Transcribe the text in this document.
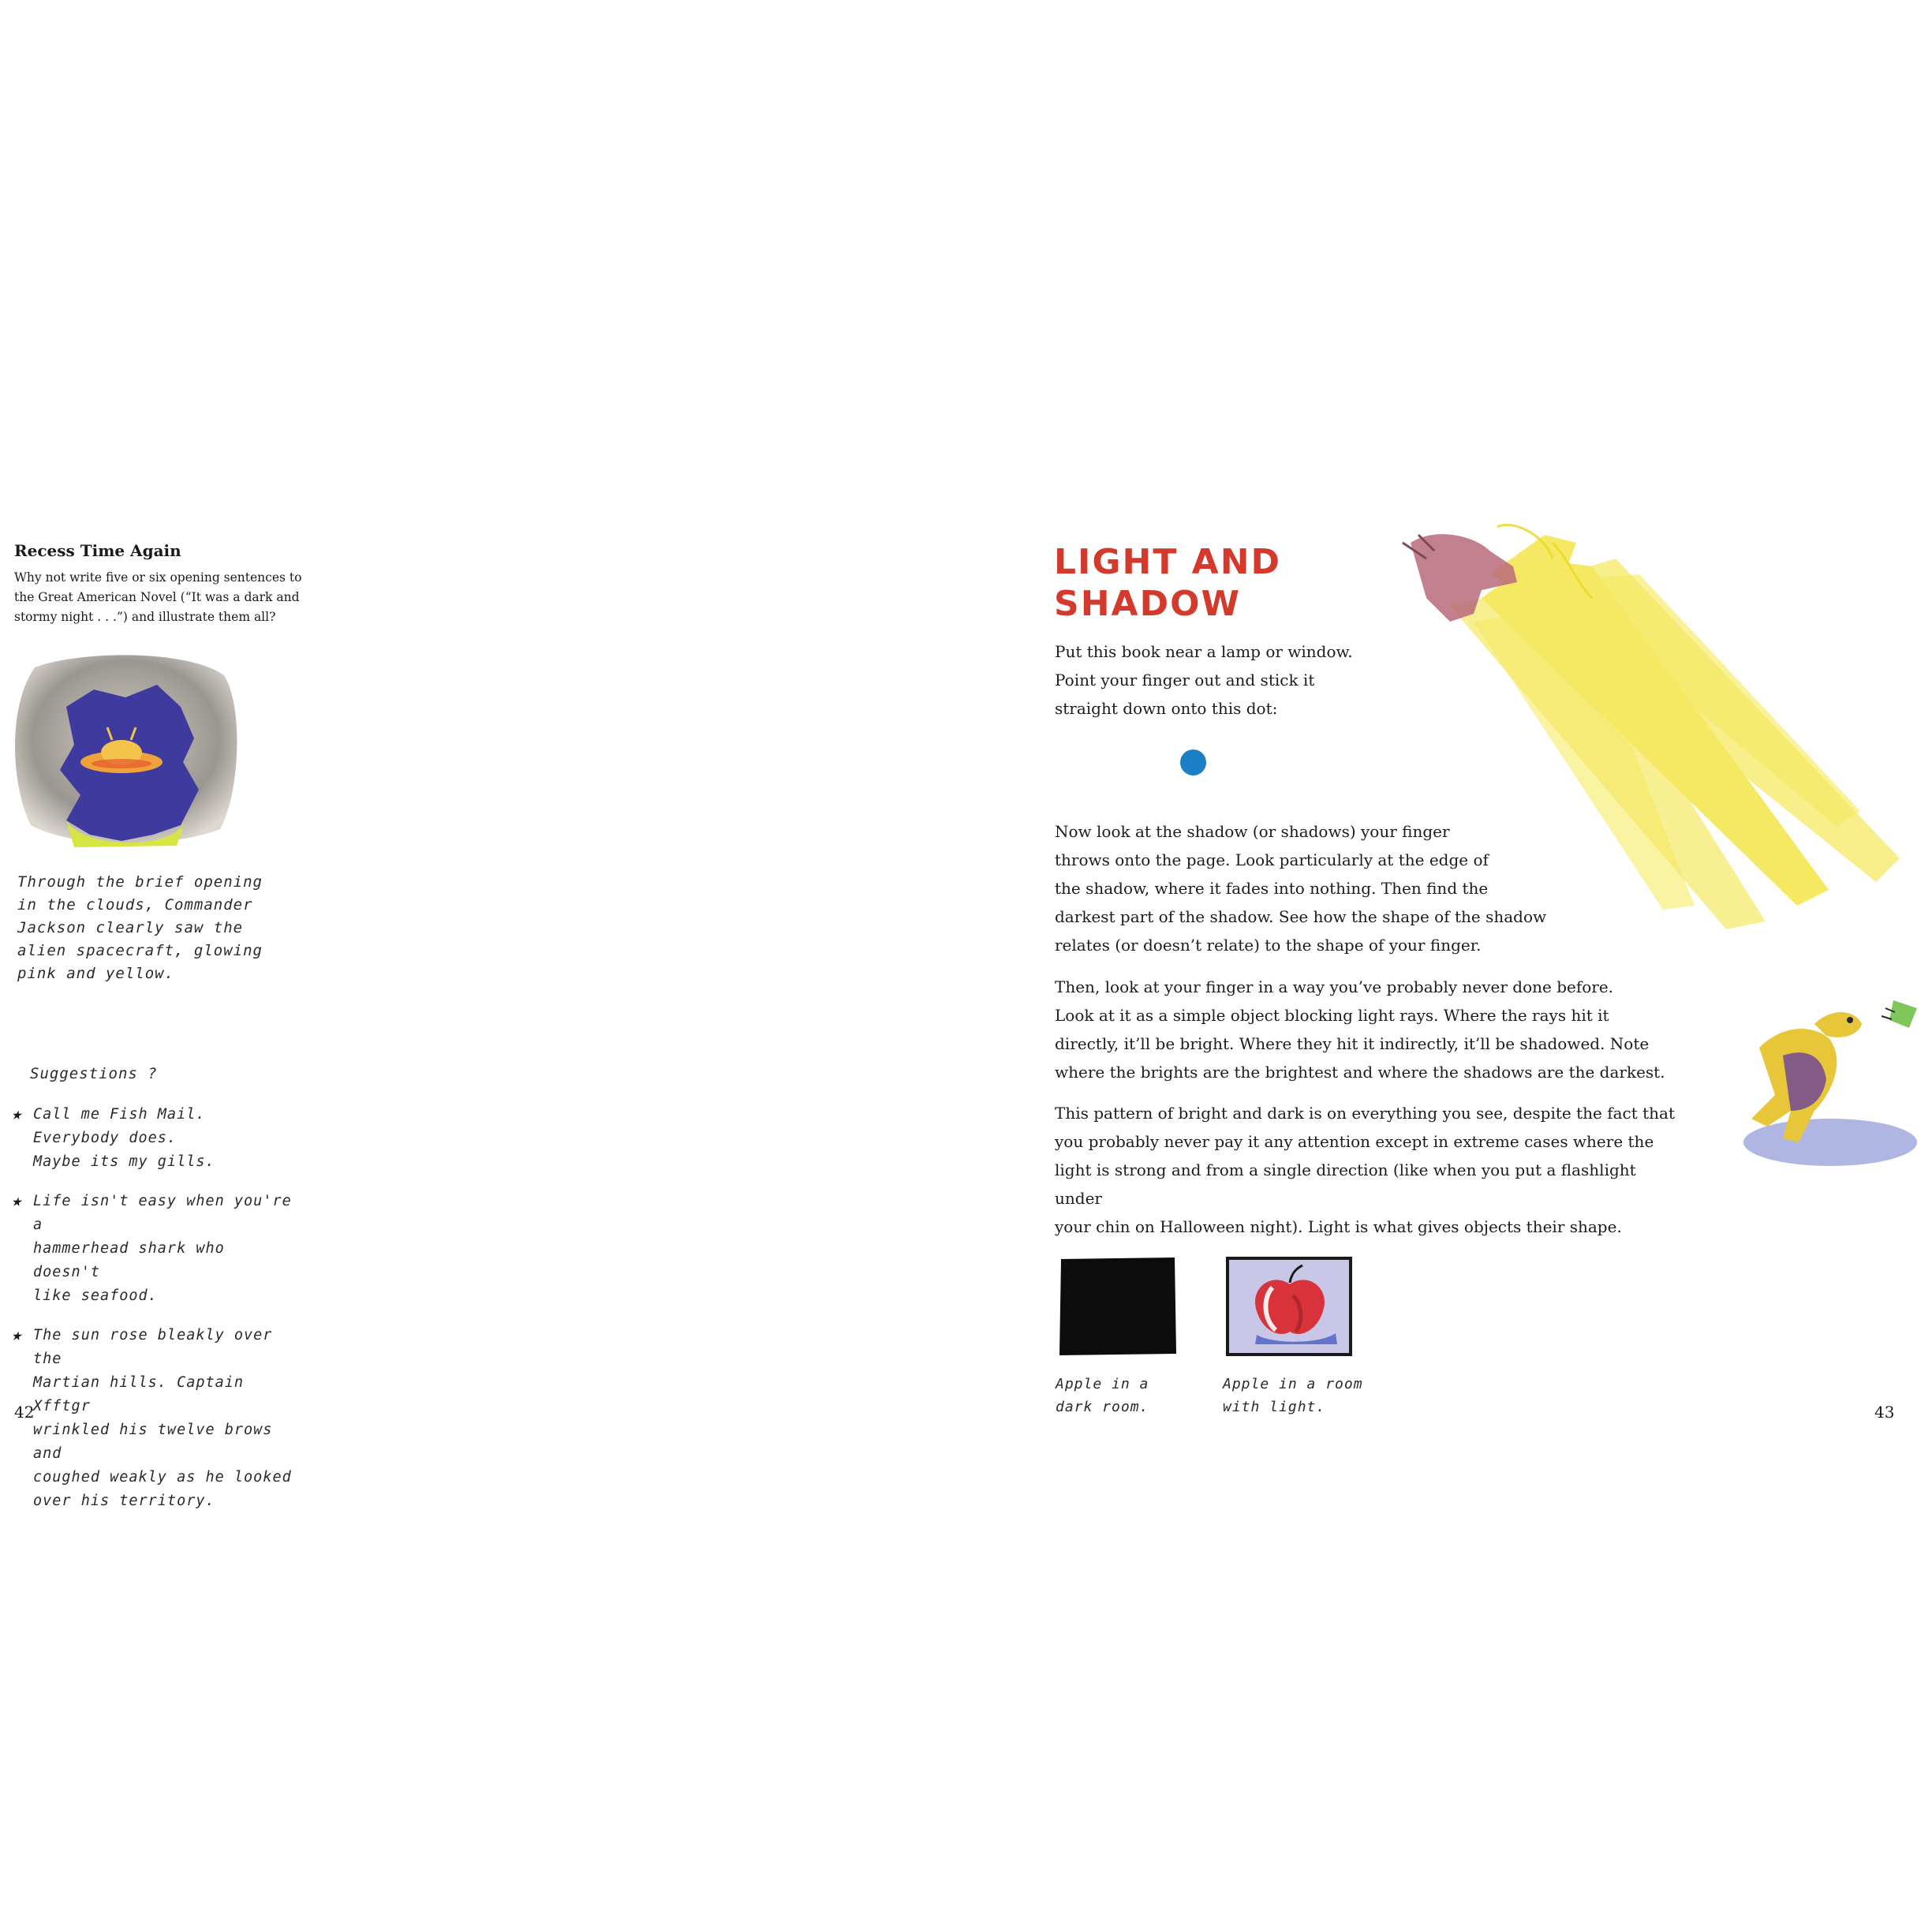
Recess Time Again
Why not write five or six opening sentences to
the Great American Novel (“It was a dark and
stormy night . . .”) and illustrate them all?
Through the brief opening
in the clouds, Commander
Jackson clearly saw the
alien spacecraft, glowing
pink and yellow.
Suggestions ?
★ Call me Fish Mail. Everybody does.
Maybe its my gills.
★ Life isn't easy when you're a
hammerhead shark who doesn't
like seafood.
★ The sun rose bleakly over the
Martian hills. Captain Xfftgr
wrinkled his twelve brows and
coughed weakly as he looked
over his territory.
42
LIGHT AND
SHADOW
Put this book near a lamp or window.
Point your finger out and stick it
straight down onto this dot:
Now look at the shadow (or shadows) your finger
throws onto the page. Look particularly at the edge of
the shadow, where it fades into nothing. Then find the
darkest part of the shadow. See how the shape of the shadow
relates (or doesn’t relate) to the shape of your finger.
Then, look at your finger in a way you’ve probably never done before.
Look at it as a simple object blocking light rays. Where the rays hit it
directly, it’ll be bright. Where they hit it indirectly, it’ll be shadowed. Note
where the brights are the brightest and where the shadows are the darkest.
This pattern of bright and dark is on everything you see, despite the fact that
you probably never pay it any attention except in extreme cases where the
light is strong and from a single direction (like when you put a flashlight under
your chin on Halloween night). Light is what gives objects their shape.
Apple in a
dark room.
Apple in a room
with light.	43
